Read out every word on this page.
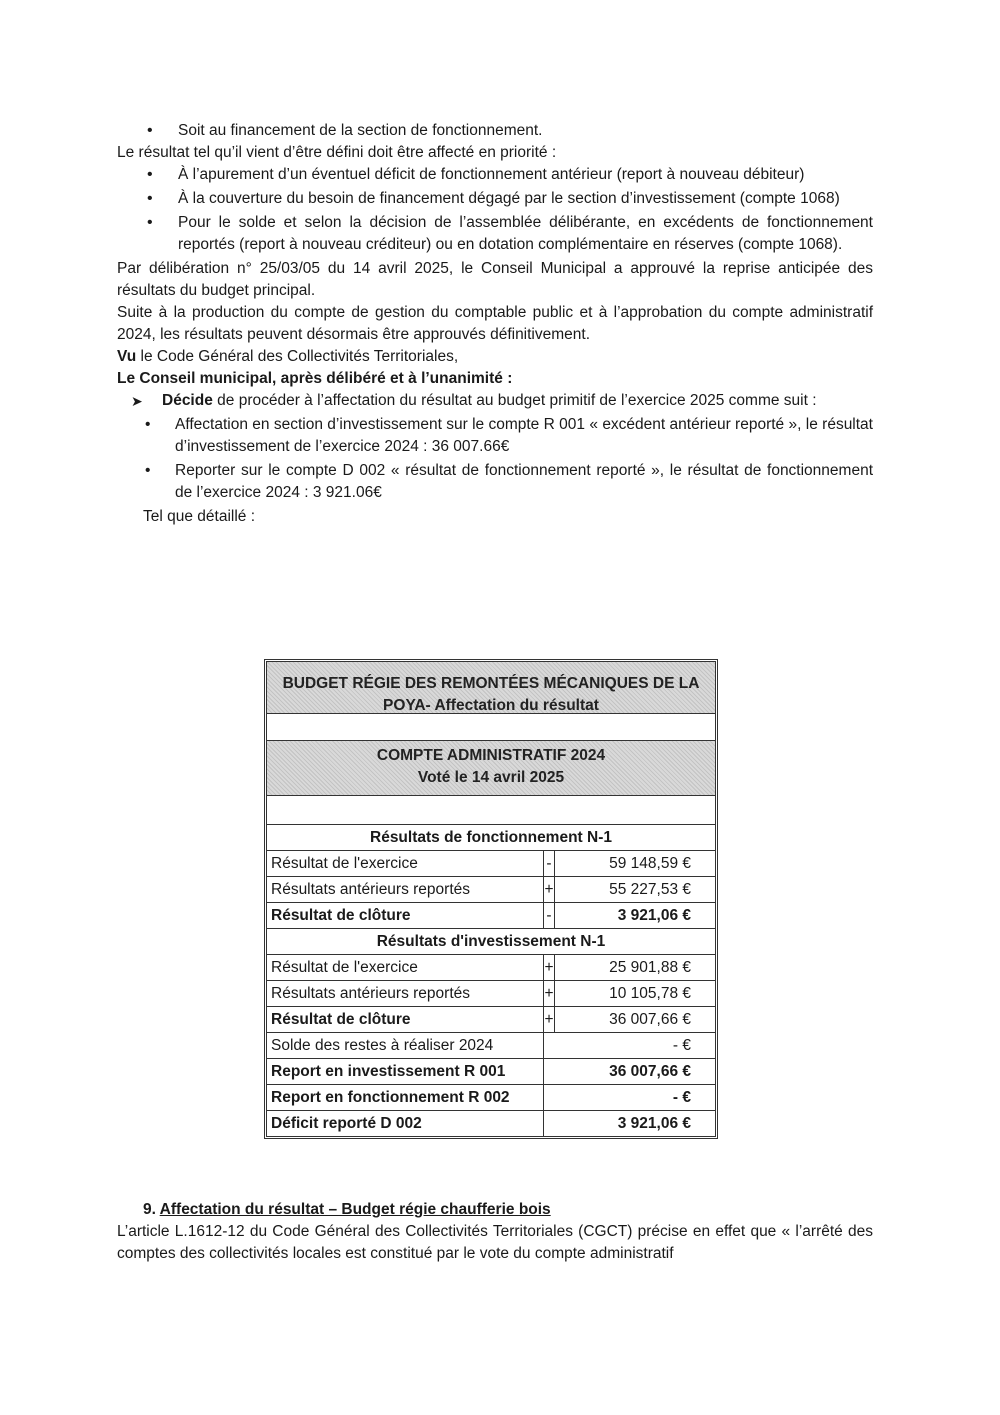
• Soit au financement de la section de fonctionnement.

Le résultat tel qu’il vient d’être défini doit être affecté en priorité :

• À l’apurement d’un éventuel déficit de fonctionnement antérieur (report à nouveau débiteur)
• À la couverture du besoin de financement dégagé par le section d’investissement (compte 1068)
• Pour le solde et selon la décision de l’assemblée délibérante, en excédents de fonctionnement reportés (report à nouveau créditeur) ou en dotation complémentaire en réserves (compte 1068).

Par délibération n° 25/03/05 du 14 avril 2025, le Conseil Municipal a approuvé la reprise anticipée des résultats du budget principal.

Suite à la production du compte de gestion du comptable public et à l’approbation du compte administratif 2024, les résultats peuvent désormais être approuvés définitivement.

Vu le Code Général des Collectivités Territoriales,

Le Conseil municipal, après délibéré et à l’unanimité :

➤ Décide de procéder à l’affectation du résultat au budget primitif de l’exercice 2025 comme suit :
• Affectation en section d’investissement sur le compte R 001 « excédent antérieur reporté », le résultat d’investissement de l’exercice 2024 : 36 007.66€
• Reporter sur le compte D 002 « résultat de fonctionnement reporté », le résultat de fonctionnement de l’exercice 2024 : 3 921.06€

Tel que détaillé :

BUDGET RÉGIE DES REMONTÉES MÉCANIQUES DE LA POYA- Affectation du résultat
COMPTE ADMINISTRATIF 2024
Voté le 14 avril 2025
Résultats de fonctionnement N-1		
Résultat de l'exercice	-	59 148,59 €
Résultats antérieurs reportés	+	55 227,53 €
Résultat de clôture	-	3 921,06 €
Résultats d'investissement N-1		
Résultat de l'exercice	+	25 901,88 €
Résultats antérieurs reportés	+	10 105,78 €
Résultat de clôture	+	36 007,66 €
Solde des restes à réaliser 2024	- €	
Report en investissement R 001	36 007,66 €	
Report en fonctionnement R 002	- €	
Déficit reporté D 002	3 921,06 €	
9. Affectation du résultat – Budget régie chaufferie bois

L’article L.1612-12 du Code Général des Collectivités Territoriales (CGCT) précise en effet que « l’arrêté des comptes des collectivités locales est constitué par le vote du compte administratif
